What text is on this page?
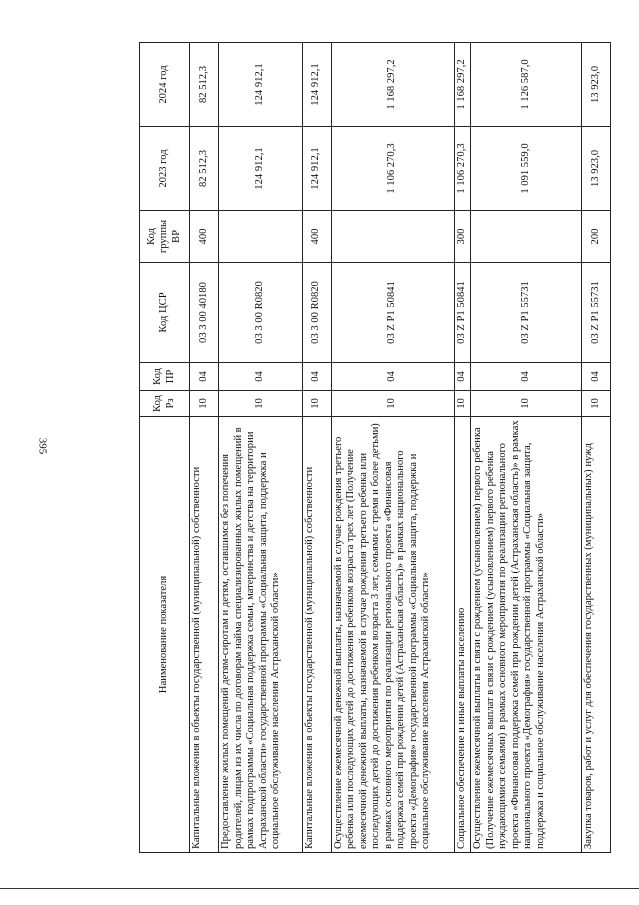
395
Наименование показателя	Код Рз	Код ПР	Код ЦСР	Код группы ВР	2023 год	2024 год
Капитальные вложения в объекты государственной (муниципальной) собственности	10	04	03 3 00 40180	400	82 512,3	82 512,3
Предоставление жилых помещений детям-сиротам и детям, оставшимся без попечения родителей, лицам из их числа по договорам найма специализированных жилых помещений в рамках подпрограммы «Социальная поддержка семьи, материнства и детства на территории Астраханской области» государственной программы «Социальная защита, поддержка и социальное обслуживание населения Астраханской области»	10	04	03 3 00 R0820		124 912,1	124 912,1
Капитальные вложения в объекты государственной (муниципальной) собственности	10	04	03 3 00 R0820	400	124 912,1	124 912,1
Осуществление ежемесячной денежной выплаты, назначаемой в случае рождения третьего ребенка или последующих детей до достижения ребенком возраста трех лет (Получение ежемесячной денежной выплаты, назначаемой в случае рождения третьего ребенка или последующих детей до достижения ребенком возраста 3 лет, семьями с тремя и более детьми) в рамках основного мероприятия по реализации регионального проекта «Финансовая поддержка семей при рождении детей (Астраханская область)» в рамках национального проекта «Демография» государственной программы «Социальная защита, поддержка и социальное обслуживание населения Астраханской области»	10	04	03 Z P1 50841		1 106 270,3	1 168 297,2
Социальное обеспечение и иные выплаты населению	10	04	03 Z P1 50841	300	1 106 270,3	1 168 297,2
Осуществление ежемесячной выплаты в связи с рождением (усыновлением) первого ребенка (Получение ежемесячных выплат в связи с рождением (усыновлением) первого ребенка нуждающимися семьями) в рамках основного мероприятия по реализации регионального проекта «Финансовая поддержка семей при рождении детей (Астраханская область)» в рамках национального проекта «Демография» государственной программы «Социальная защита, поддержка и социальное обслуживание населения Астраханской области»	10	04	03 Z P1 55731		1 091 559,0	1 126 587,0
Закупка товаров, работ и услуг для обеспечения государственных (муниципальных) нужд	10	04	03 Z P1 55731	200	13 923,0	13 923,0
